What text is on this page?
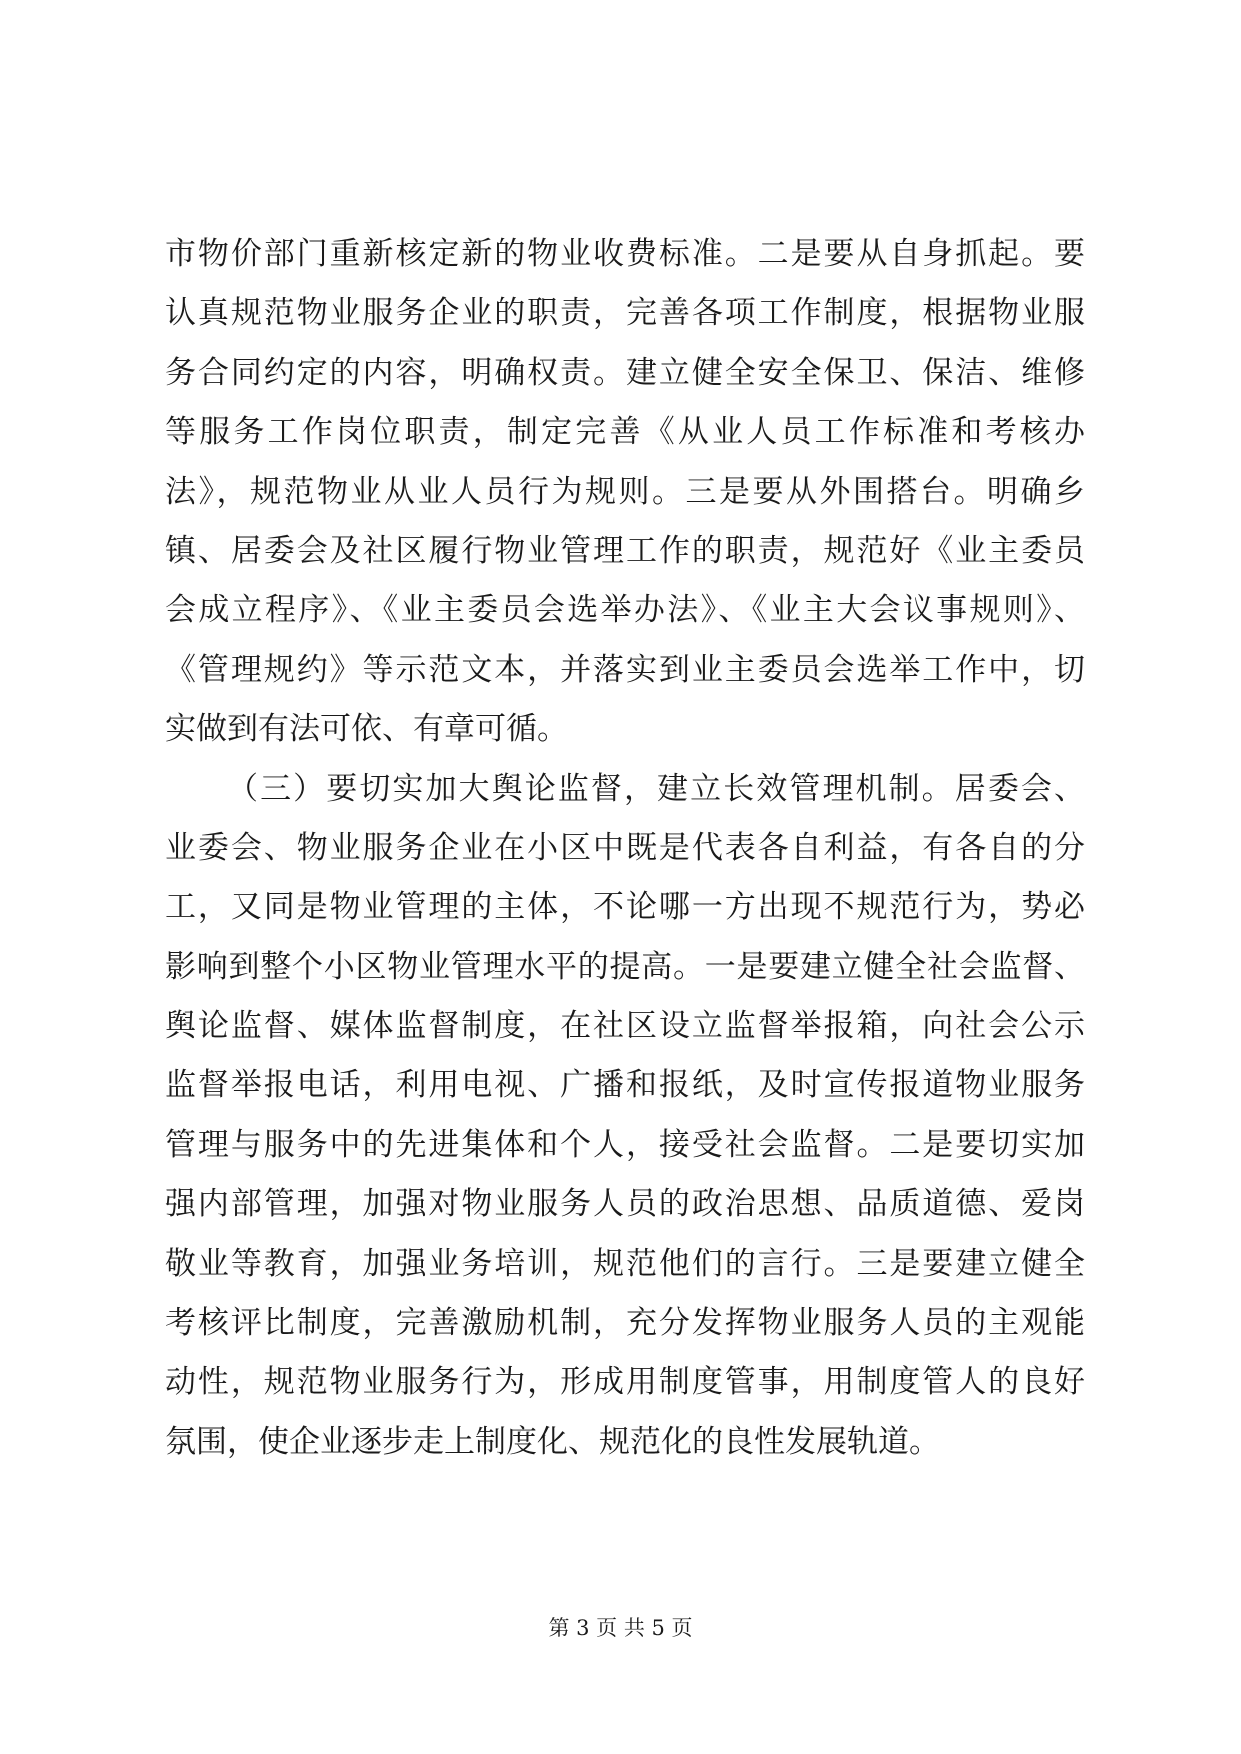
市物价部门重新核定新的物业收费标准。二是要从自身抓起。要
认真规范物业服务企业的职责，完善各项工作制度，根据物业服
务合同约定的内容，明确权责。建立健全安全保卫、保洁、维修
等服务工作岗位职责，制定完善《从业人员工作标准和考核办
法》，规范物业从业人员行为规则。三是要从外围搭台。明确乡
镇、居委会及社区履行物业管理工作的职责，规范好《业主委员
会成立程序》、《业主委员会选举办法》、《业主大会议事规则》、
《管理规约》等示范文本，并落实到业主委员会选举工作中，切
实做到有法可依、有章可循。
（三）要切实加大舆论监督，建立长效管理机制。居委会、
业委会、物业服务企业在小区中既是代表各自利益，有各自的分
工，又同是物业管理的主体，不论哪一方出现不规范行为，势必
影响到整个小区物业管理水平的提高。一是要建立健全社会监督、
舆论监督、媒体监督制度，在社区设立监督举报箱，向社会公示
监督举报电话，利用电视、广播和报纸，及时宣传报道物业服务
管理与服务中的先进集体和个人，接受社会监督。二是要切实加
强内部管理，加强对物业服务人员的政治思想、品质道德、爱岗
敬业等教育，加强业务培训，规范他们的言行。三是要建立健全
考核评比制度，完善激励机制，充分发挥物业服务人员的主观能
动性，规范物业服务行为，形成用制度管事，用制度管人的良好
氛围，使企业逐步走上制度化、规范化的良性发展轨道。
第 3 页 共 5 页
